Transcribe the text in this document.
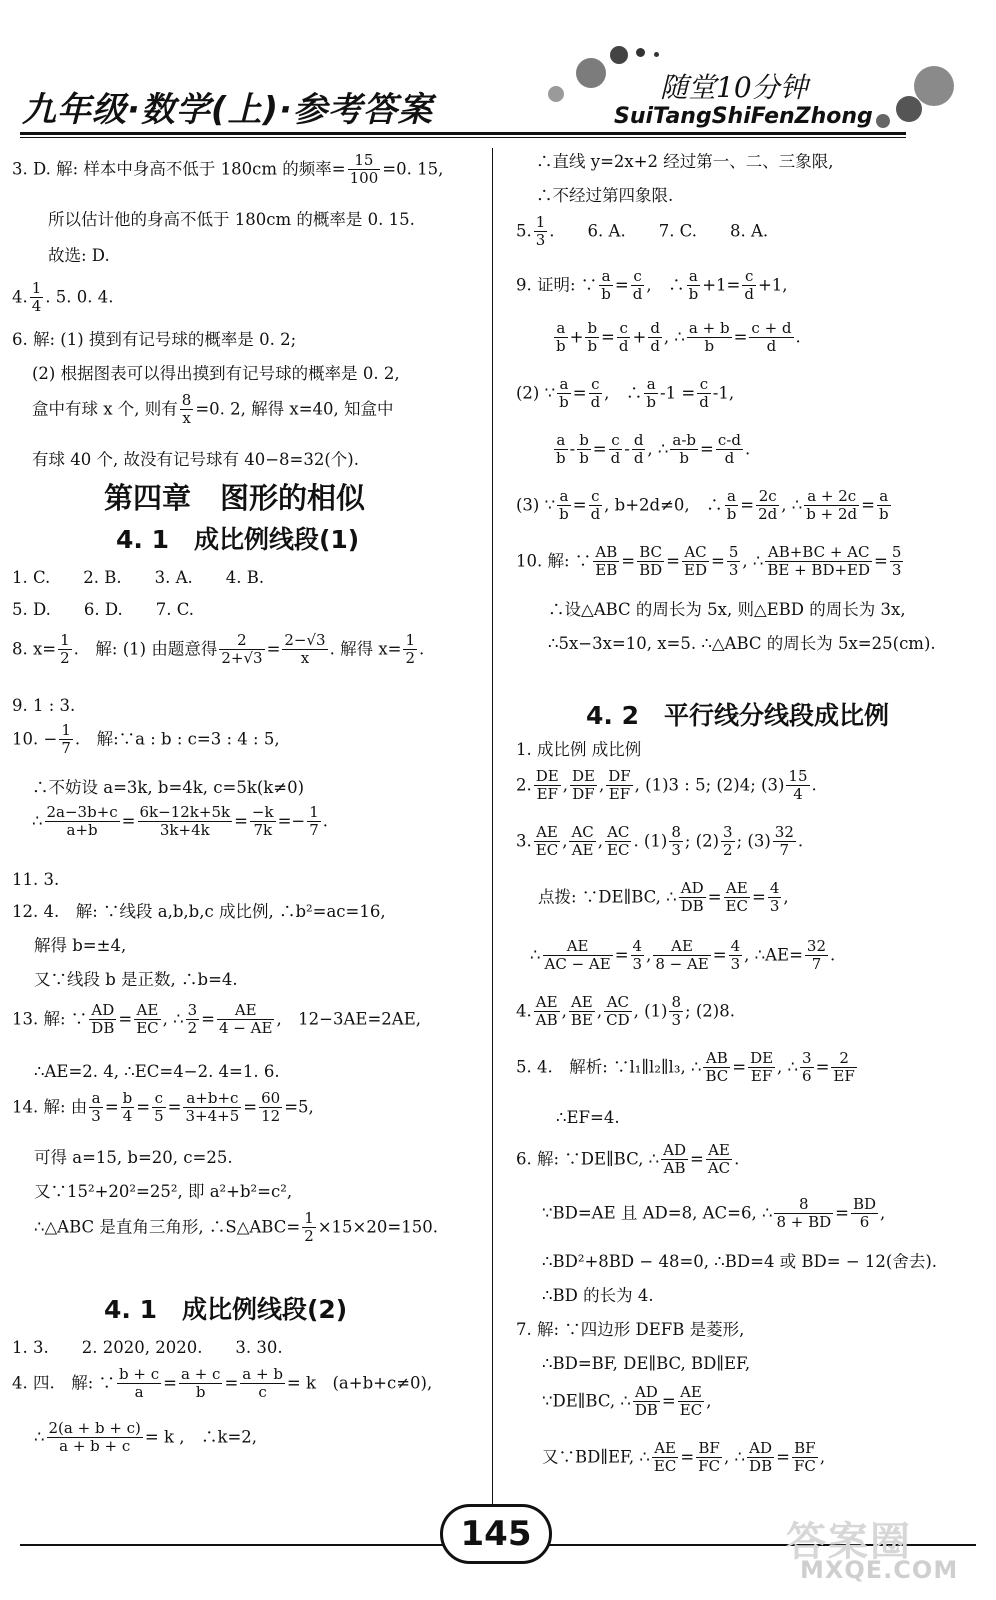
九年级·数学(上)·参考答案
随堂10分钟
SuiTangShiFenZhong
3. D. 解: 样本中身高不低于 180cm 的频率= $\frac{15}{100} =0$. 15,
所以估计他的身高不低于 180cm 的概率是 0. 15.
故选: D.
4. $\frac{1}{4}$ . 5. 0. 4.
6. 解: (1) 摸到有记号球的概率是 0. 2;
(2) 根据图表可以得出摸到有记号球的概率是 0. 2,
盒中有球 x 个, 则有 $\frac{8}{x} =0$. 2, 解得 x=40, 知盒中
有球 40 个, 故没有记号球有 40−8=32(个).
第四章　图形的相似
4. 1　成比例线段(1)
1. C.　　2. B.　　3. A.　　4. B.
5. D.　　6. D.　　7. C.
8. $x= \frac{1}{2}$ .　解: (1) 由题意得 $\frac{2}{2+√3} = \frac{2-√3}{x}$ . 解得 $x= \frac{1}{2}$ .
9. 1 : 3.
10. − $\frac{1}{7}$ .　解:∵a : b : c=3 : 4 : 5,
∴不妨设 a=3k, b=4k, c=5k(k≠0)
∴ $\frac{2a-3b+c}{a+b} = \frac{6k-12k+5k}{3k+4k} = \frac{-k}{7k} =- \frac{1}{7}$ .
11. 3.
12. 4.　解: ∵线段 a,b,b,c 成比例, ∴b²=ac=16,
解得 b=±4,
又∵线段 b 是正数, ∴b=4.
13. 解: ∵ $\frac{AD}{DB} = \frac{AE}{EC}$ , ∴ $\frac{3}{2} = \frac{AE}{4 - AE}$ ,　12−3AE=2AE,
∴AE=2. 4, ∴EC=4−2. 4=1. 6.
14. 解: 由 $\frac{a}{3} = \frac{b}{4} = \frac{c}{5} = \frac{a+b+c}{3+4+5} = \frac{60}{12} =5$,
可得 a=15, b=20, c=25.
又∵15²+20²=25², 即 a²+b²=c²,
∴△ABC 是直角三角形, ∴S△ABC= $\frac{1}{2} \times 15\times 20=150$.
4. 1　成比例线段(2)
1. 3.　　2. 2020, 2020.　　3. 30.
4. 四.　解: ∵ $\frac{b + c}{a} = \frac{a + c}{b} = \frac{a + b}{c} = k$　(a+b+c≠0),
∴ $\frac{2(a + b + c)}{a + b + c} = k$ ,　∴k=2,
∴直线 y=2x+2 经过第一、二、三象限,
∴不经过第四象限.
5. $\frac{1}{3}$ .　　6. A.　　7. C.　　8. A.
9. 证明: ∵ $\frac{a}{b} = \frac{c}{d}$ ,　∴ $\frac{a}{b} +1= \frac{c}{d} +1$,
$\frac{a}{b} + \frac{b}{b} = \frac{c}{d} + \frac{d}{d}$ , ∴ $\frac{a + b}{b} = \frac{c + d}{d}$ .
(2) ∵ $\frac{a}{b} = \frac{c}{d}$ ,　∴ $\frac{a}{b} -1 = \frac{c}{d} -1$,
$\frac{a}{b} - \frac{b}{b} = \frac{c}{d} - \frac{d}{d}$ , ∴ $\frac{a-b}{b} = \frac{c-d}{d}$ .
(3) ∵ $\frac{a}{b} = \frac{c}{d}$ , b+2d≠0,　∴ $\frac{a}{b} = \frac{2c}{2d}$ , ∴ $\frac{a + 2c}{b + 2d} = \frac{a}{b}$
10. 解: ∵ $\frac{AB}{EB} = \frac{BC}{BD} = \frac{AC}{ED} = \frac{5}{3}$ , ∴ $\frac{AB+BC + AC}{BE + BD+ED} = \frac{5}{3}$
∴设△ABC 的周长为 5x, 则△EBD 的周长为 3x,
∴5x−3x=10, x=5. ∴△ABC 的周长为 5x=25(cm).
4. 2　平行线分线段成比例
1. 成比例 成比例
2. $\frac{DE}{EF}$ , $\frac{DE}{DF}$ , $\frac{DF}{EF}$ , (1)3 : 5; (2)4; $(3) \frac{15}{4}$ .
3. $\frac{AE}{EC}$ , $\frac{AC}{AE}$ , $\frac{AC}{EC}$ . $(1) \frac{8}{3}$ ; $(2) \frac{3}{2}$ ; $(3) \frac{32}{7}$ .
点拨: ∵DE∥BC, ∴ $\frac{AD}{DB} = \frac{AE}{EC} = \frac{4}{3}$ ,
∴ $\frac{AE}{AC - AE} = \frac{4}{3}$ , $\frac{AE}{8 - AE} = \frac{4}{3}$ , ∴AE= $\frac{32}{7}$ .
4. $\frac{AE}{AB}$ , $\frac{AE}{BE}$ , $\frac{AC}{CD}$ , $(1) \frac{8}{3}$ ; (2)8.
5. 4.　解析: ∵l₁∥l₂∥l₃, ∴ $\frac{AB}{BC} = \frac{DE}{EF}$ , ∴ $\frac{3}{6} = \frac{2}{EF}$
∴EF=4.
6. 解: ∵DE∥BC, ∴ $\frac{AD}{AB} = \frac{AE}{AC}$ .
∵BD=AE 且 AD=8, AC=6, ∴ $\frac{8}{8 + BD} = \frac{BD}{6}$ ,
∴BD²+8BD − 48=0, ∴BD=4 或 BD= − 12(舍去).
∴BD 的长为 4.
7. 解: ∵四边形 DEFB 是菱形,
∴BD=BF, DE∥BC, BD∥EF,
∵DE∥BC, ∴ $\frac{AD}{DB} = \frac{AE}{EC}$ ,
又∵BD∥EF, ∴ $\frac{AE}{EC} = \frac{BF}{FC}$ , ∴ $\frac{AD}{DB} = \frac{BF}{FC}$ ,
145	答案圈
MXQE.COM
